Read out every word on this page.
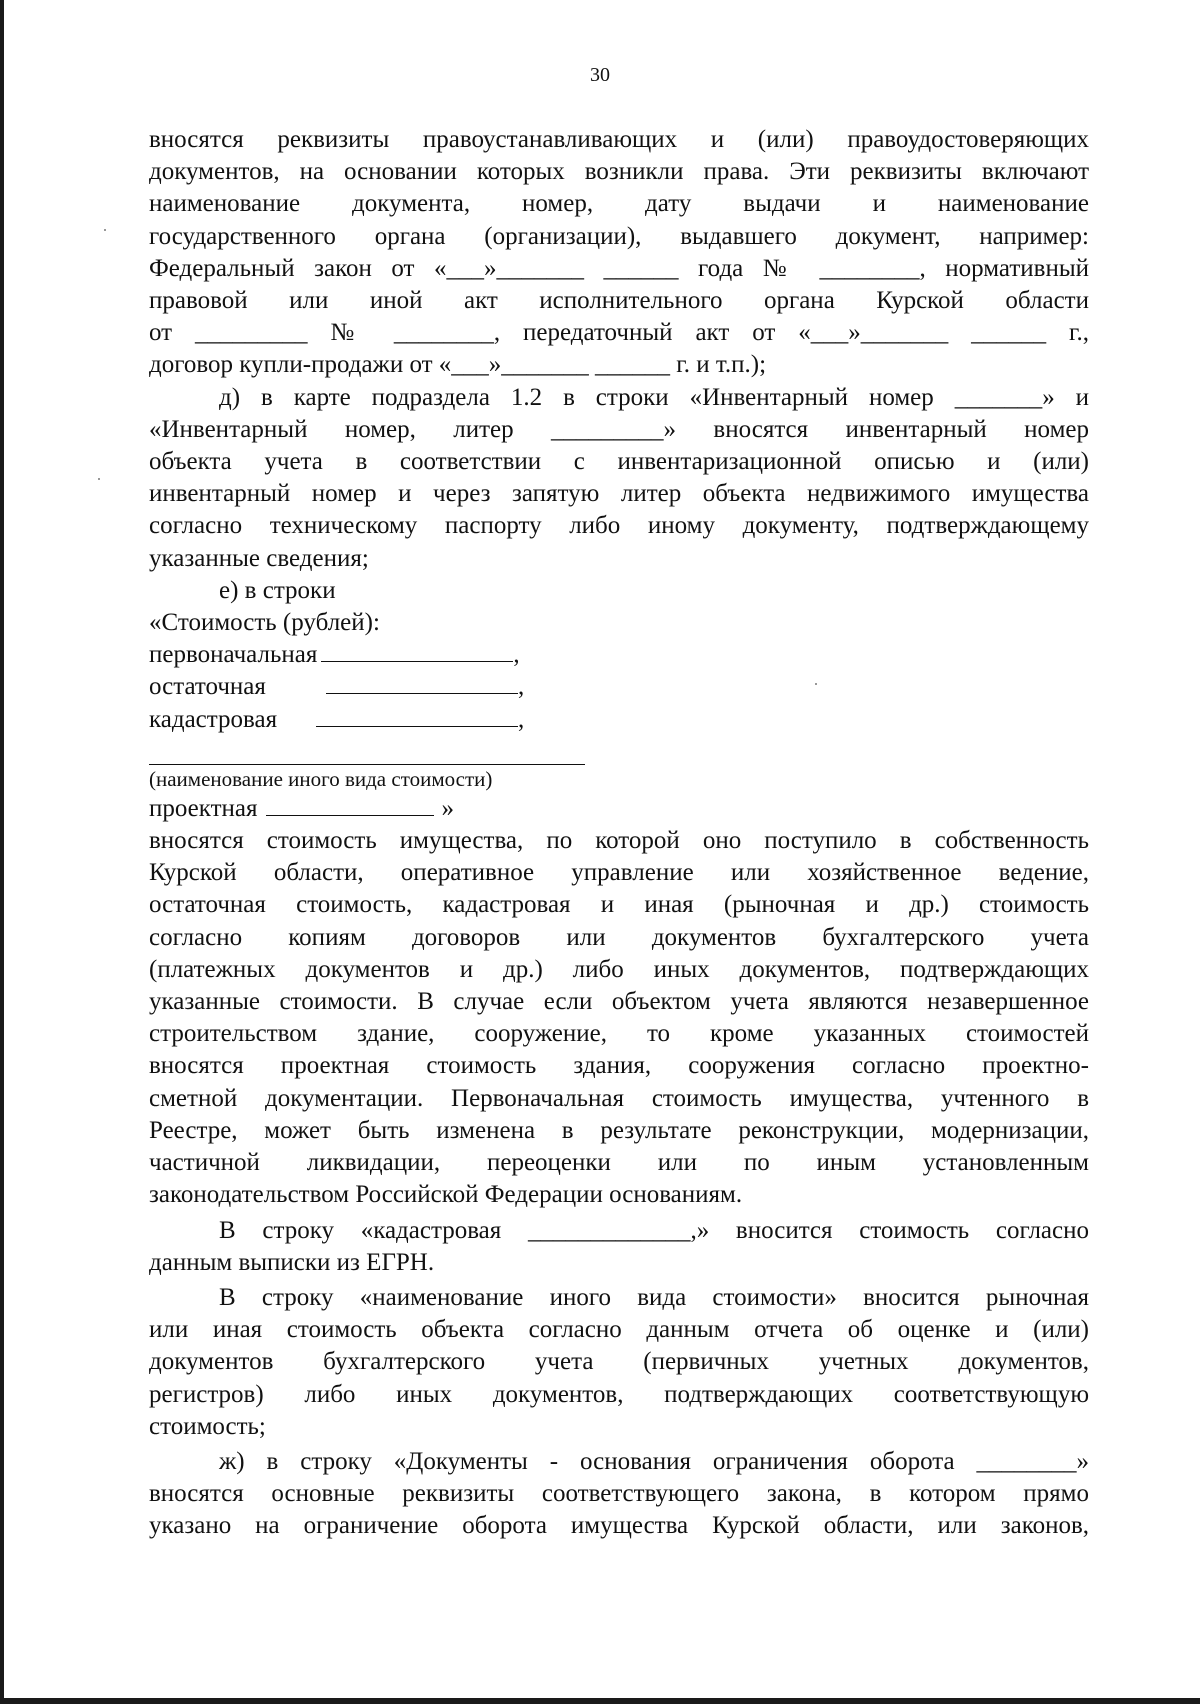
30

вносятся реквизиты правоустанавливающих и (или) правоудостоверяющих

документов, на основании которых возникли права. Эти реквизиты включают

наименование документа, номер, дату выдачи и наименование

государственного органа (организации), выдавшего документ, например:

Федеральный закон от «___»_______ ______ года № ________, нормативный

правовой или иной акт исполнительного органа Курской области

от _________ № ________, передаточный акт от «___»_______ ______ г.,

договор купли-продажи от «___»_______ ______ г. и т.п.);

д) в карте подраздела 1.2 в строки «Инвентарный номер _______» и

«Инвентарный номер, литер _________» вносятся инвентарный номер

объекта учета в соответствии с инвентаризационной описью и (или)

инвентарный номер и через запятую литер объекта недвижимого имущества

согласно техническому паспорту либо иному документу, подтверждающему

указанные сведения;

е) в строки

«Стоимость (рублей):

первоначальная	,
остаточная	,
кадастровая	,

(наименование иного вида стоимости)

проектная	»

вносятся стоимость имущества, по которой оно поступило в собственность

Курской области, оперативное управление или хозяйственное ведение,

остаточная стоимость, кадастровая и иная (рыночная и др.) стоимость

согласно копиям договоров или документов бухгалтерского учета

(платежных документов и др.) либо иных документов, подтверждающих

указанные стоимости. В случае если объектом учета являются незавершенное

строительством здание, сооружение, то кроме указанных стоимостей

вносятся проектная стоимость здания, сооружения согласно проектно-

сметной документации. Первоначальная стоимость имущества, учтенного в

Реестре, может быть изменена в результате реконструкции, модернизации,

частичной ликвидации, переоценки или по иным установленным

законодательством Российской Федерации основаниям.

В строку «кадастровая _____________,» вносится стоимость согласно

данным выписки из ЕГРН.

В строку «наименование иного вида стоимости» вносится рыночная

или иная стоимость объекта согласно данным отчета об оценке и (или)

документов бухгалтерского учета (первичных учетных документов,

регистров) либо иных документов, подтверждающих соответствующую

стоимость;

ж) в строку «Документы - основания ограничения оборота ________»

вносятся основные реквизиты соответствующего закона, в котором прямо

указано на ограничение оборота имущества Курской области, или законов,
